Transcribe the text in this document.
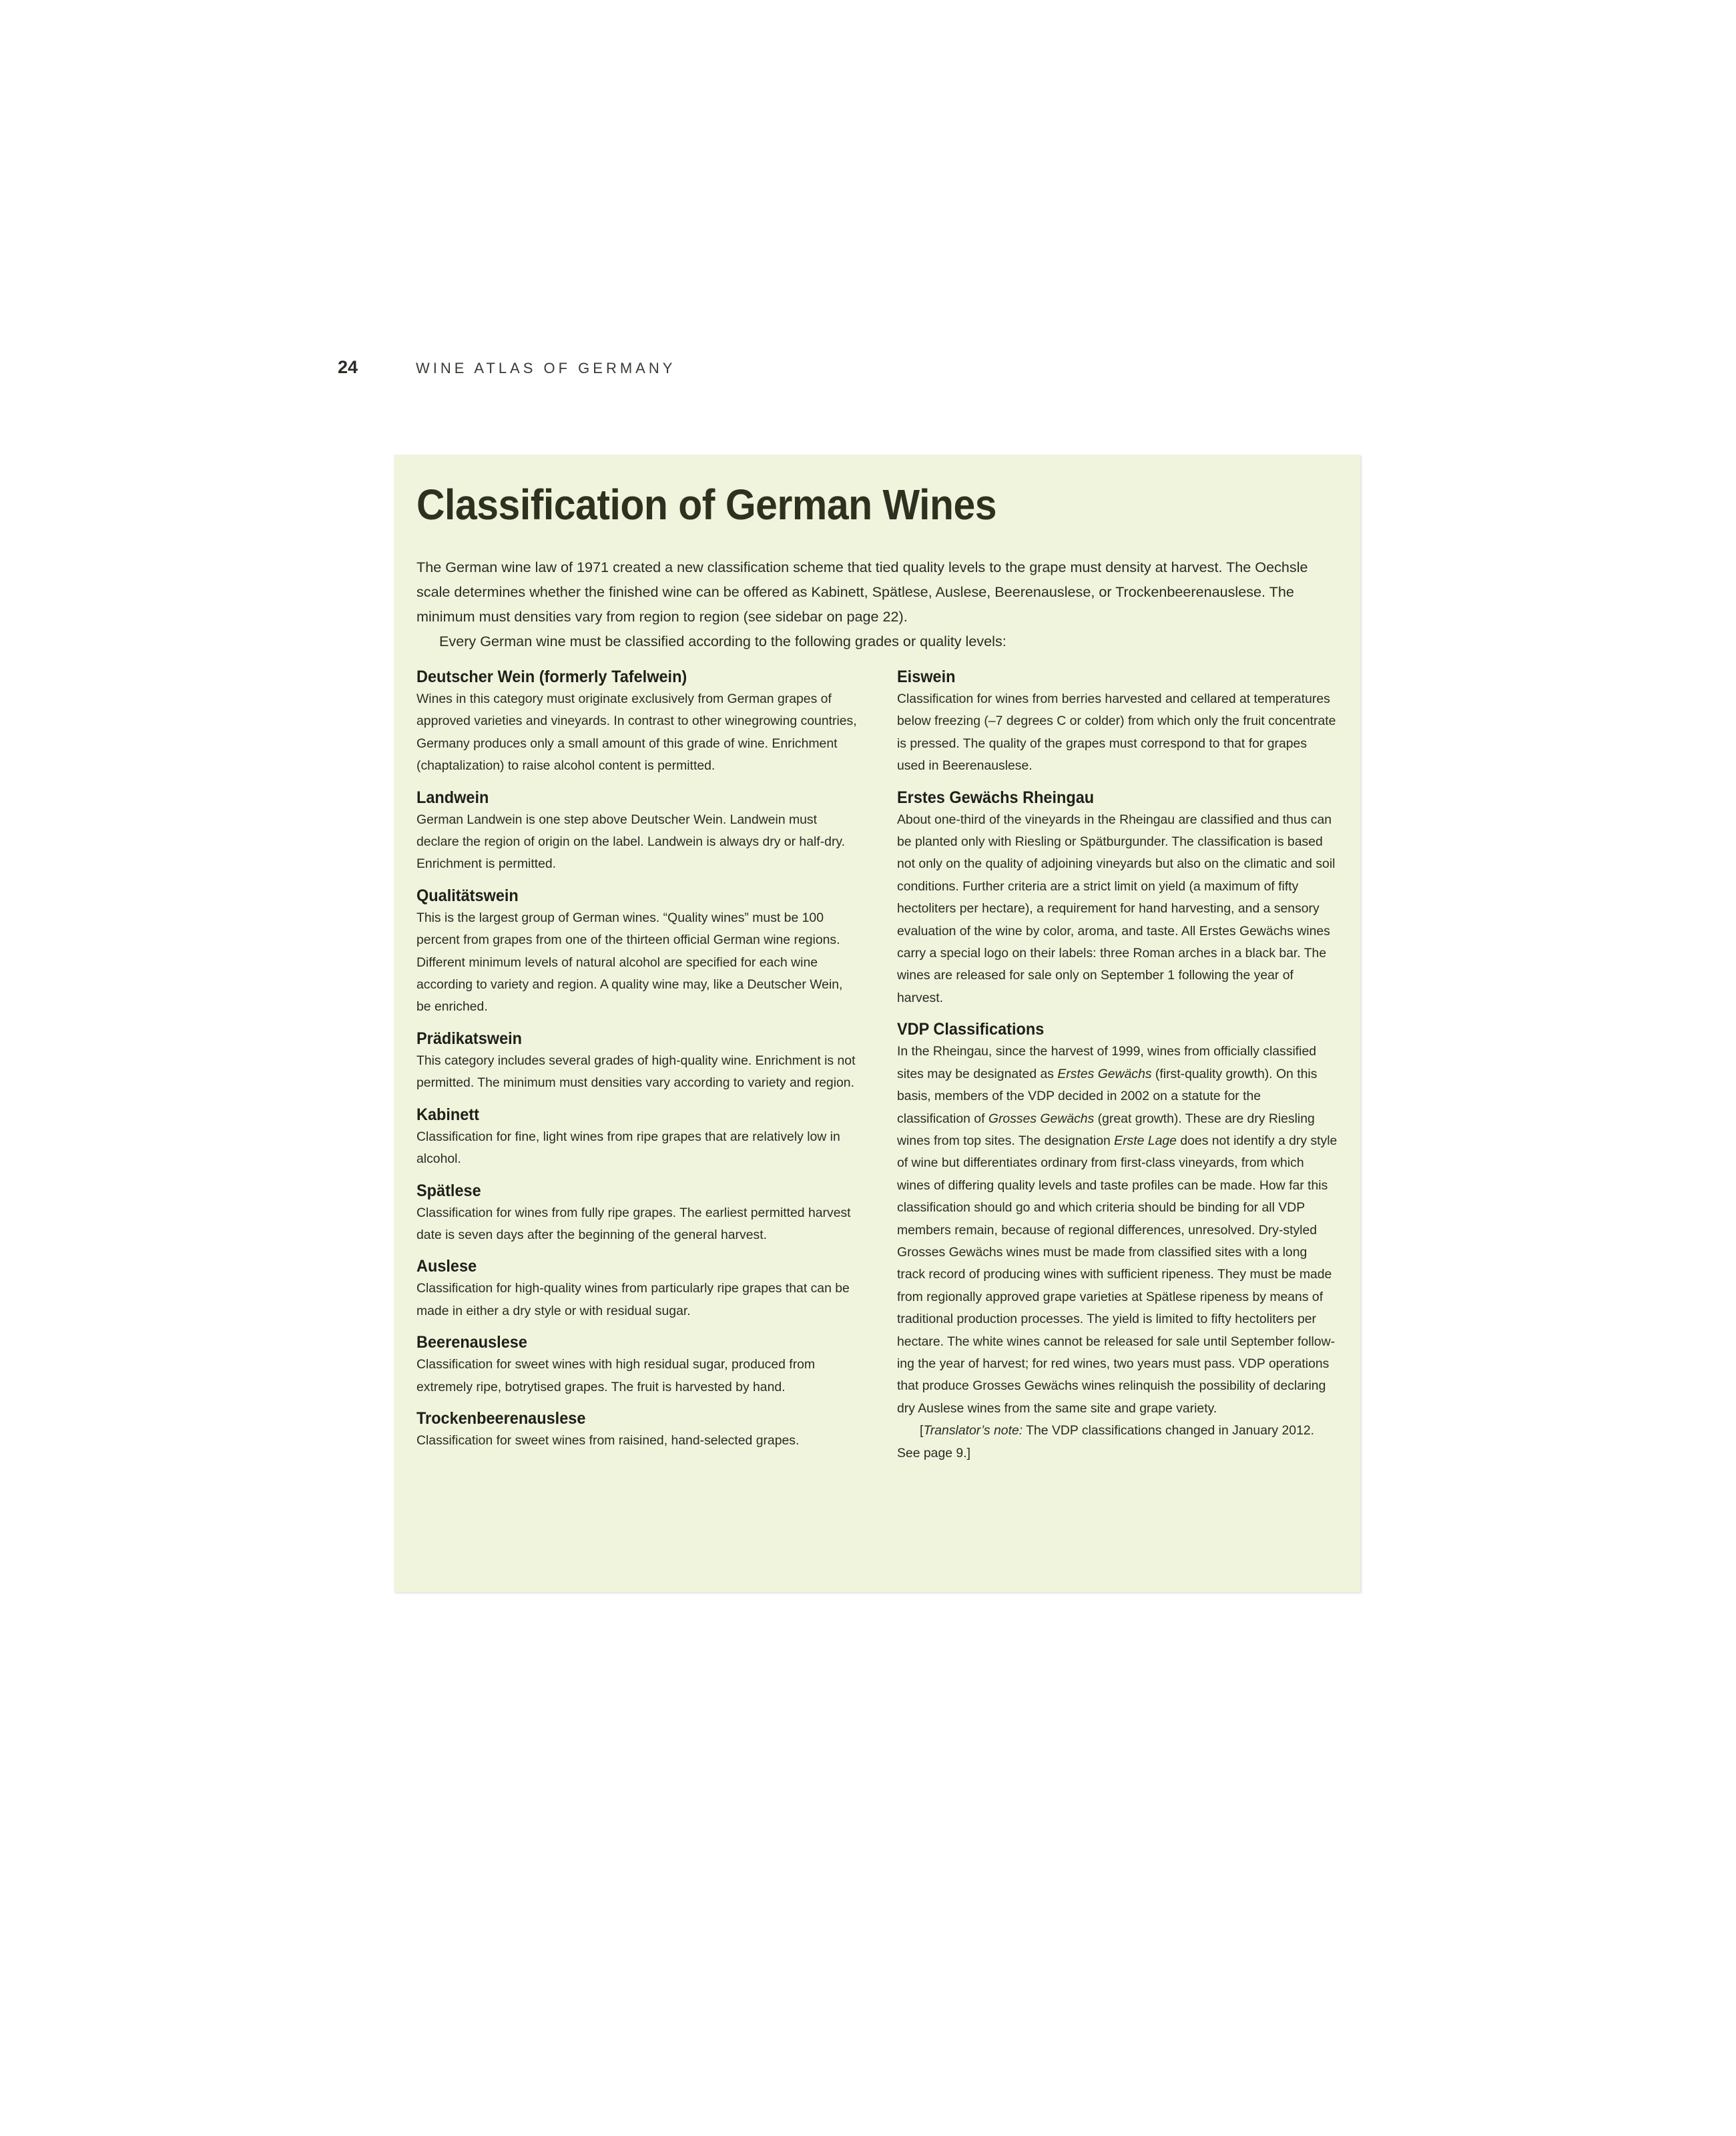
24	WINE ATLAS OF GERMANY
Classification of German Wines

The German wine law of 1971 created a new classification scheme that tied quality levels to the grape must density at harvest. The Oechsle scale determines whether the finished wine can be offered as Kabinett, Spätlese, Auslese, Beerenauslese, or Trockenbeerenauslese. The minimum must densities vary from region to region (see sidebar on page 22).

Every German wine must be classified according to the following grades or quality levels:

Deutscher Wein (formerly Tafelwein)

Wines in this category must originate exclusively from German grapes of approved varieties and vineyards. In contrast to other winegrowing countries, Germany produces only a small amount of this grade of wine. Enrichment (chaptalization) to raise alcohol content is permitted.

Landwein

German Landwein is one step above Deutscher Wein. Landwein must declare the region of origin on the label. Landwein is always dry or half-dry. Enrichment is permitted.

Qualitätswein

This is the largest group of German wines. “Quality wines” must be 100 percent from grapes from one of the thirteen official German wine regions. Different minimum levels of natural alcohol are specified for each wine according to variety and region. A quality wine may, like a Deutscher Wein, be enriched.

Prädikatswein

This category includes several grades of high-quality wine. Enrichment is not permitted. The minimum must densities vary according to variety and region.

Kabinett

Classification for fine, light wines from ripe grapes that are relatively low in alcohol.

Spätlese

Classification for wines from fully ripe grapes. The earliest permitted harvest date is seven days after the beginning of the general harvest.

Auslese

Classification for high-quality wines from particularly ripe grapes that can be made in either a dry style or with residual sugar.

Beerenauslese

Classification for sweet wines with high residual sugar, produced from extremely ripe, botrytised grapes. The fruit is harvested by hand.

Trockenbeerenauslese

Classification for sweet wines from raisined, hand-selected grapes.

Eiswein

Classification for wines from berries harvested and cellared at temperatures below freezing (–7 degrees C or colder) from which only the fruit concentrate is pressed. The quality of the grapes must correspond to that for grapes used in Beerenauslese.

Erstes Gewächs Rheingau

About one-third of the vineyards in the Rheingau are classified and thus can be planted only with Riesling or Spätburgunder. The classification is based not only on the quality of adjoining vineyards but also on the climatic and soil conditions. Further criteria are a strict limit on yield (a maximum of fifty hectoliters per hectare), a requirement for hand harvesting, and a sensory evaluation of the wine by color, aroma, and taste. All Erstes Gewächs wines carry a special logo on their labels: three Roman arches in a black bar. The wines are released for sale only on September 1 following the year of harvest.

VDP Classifications

In the Rheingau, since the harvest of 1999, wines from officially classified sites may be designated as Erstes Gewächs (first-quality growth). On this basis, members of the VDP decided in 2002 on a statute for the classification of Grosses Gewächs (great growth). These are dry Riesling wines from top sites. The designation Erste Lage does not identify a dry style of wine but differentiates ordinary from first-class vineyards, from which wines of differing quality levels and taste profiles can be made. How far this classification should go and which criteria should be binding for all VDP members remain, because of regional differences, unresolved. Dry-styled Grosses Gewächs wines must be made from classified sites with a long track record of producing wines with sufficient ripeness. They must be made from regionally approved grape varieties at Spätlese ripeness by means of traditional production processes. The yield is limited to fifty hectoliters per hectare. The white wines cannot be released for sale until September following the year of harvest; for red wines, two years must pass. VDP operations that produce Grosses Gewächs wines relinquish the possibility of declaring dry Auslese wines from the same site and grape variety.

[Translator’s note: The VDP classifications changed in January 2012. See page 9.]
